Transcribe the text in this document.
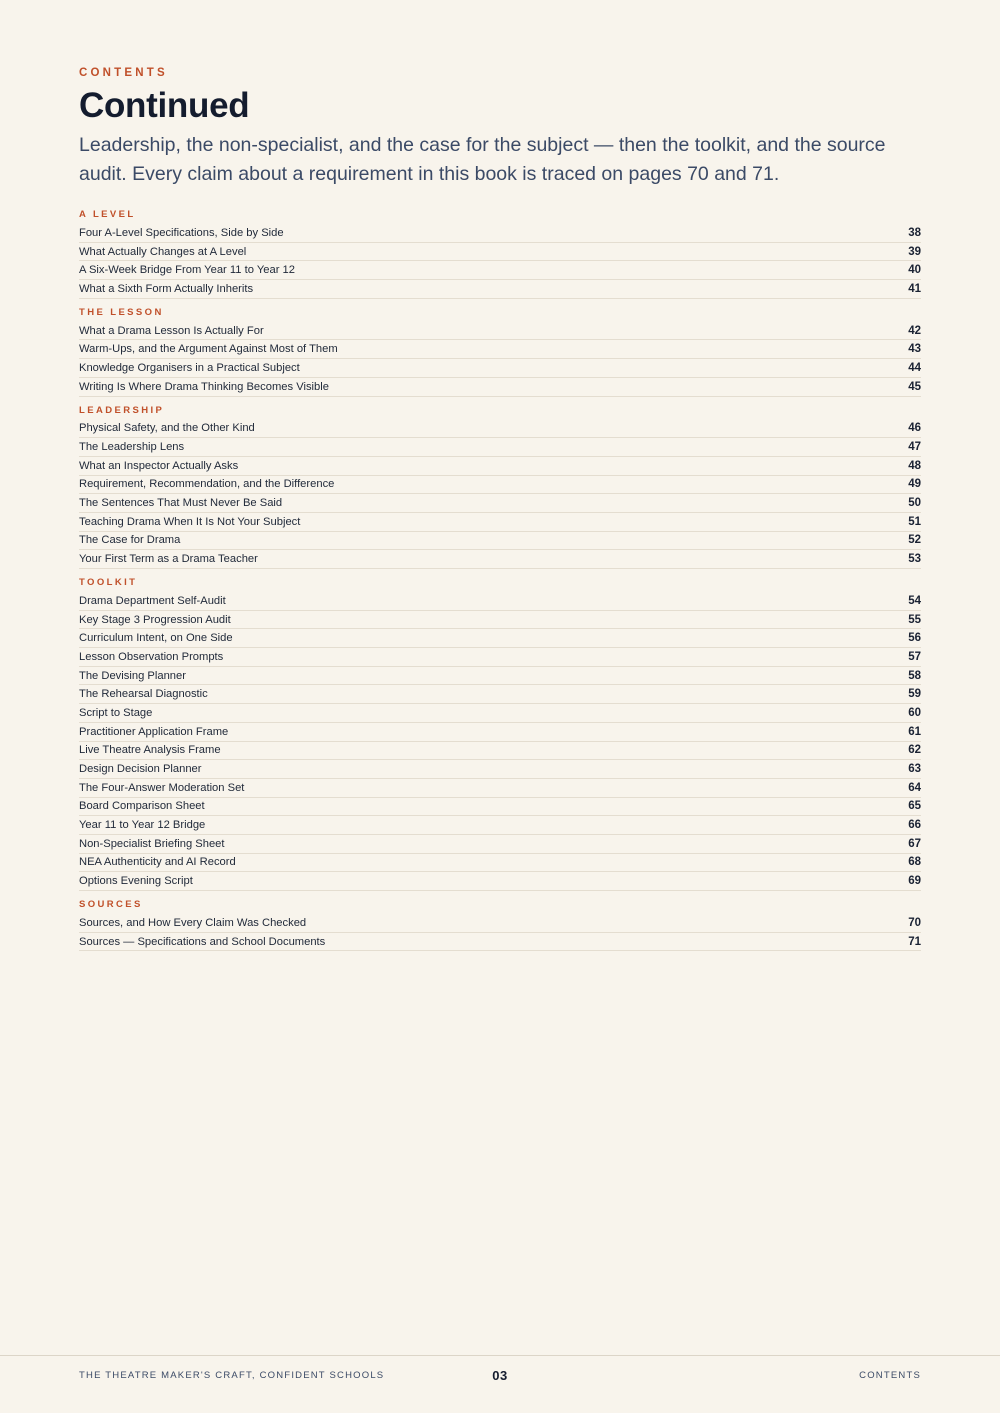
CONTENTS
Continued

Leadership, the non-specialist, and the case for the subject — then the toolkit, and the source audit. Every claim about a requirement in this book is traced on pages 70 and 71.

A LEVEL
Four A-Level Specifications, Side by Side	38
What Actually Changes at A Level	39
A Six-Week Bridge From Year 11 to Year 12	40
What a Sixth Form Actually Inherits	41
THE LESSON
What a Drama Lesson Is Actually For	42
Warm-Ups, and the Argument Against Most of Them	43
Knowledge Organisers in a Practical Subject	44
Writing Is Where Drama Thinking Becomes Visible	45
LEADERSHIP
Physical Safety, and the Other Kind	46
The Leadership Lens	47
What an Inspector Actually Asks	48
Requirement, Recommendation, and the Difference	49
The Sentences That Must Never Be Said	50
Teaching Drama When It Is Not Your Subject	51
The Case for Drama	52
Your First Term as a Drama Teacher	53
TOOLKIT
Drama Department Self-Audit	54
Key Stage 3 Progression Audit	55
Curriculum Intent, on One Side	56
Lesson Observation Prompts	57
The Devising Planner	58
The Rehearsal Diagnostic	59
Script to Stage	60
Practitioner Application Frame	61
Live Theatre Analysis Frame	62
Design Decision Planner	63
The Four-Answer Moderation Set	64
Board Comparison Sheet	65
Year 11 to Year 12 Bridge	66
Non-Specialist Briefing Sheet	67
NEA Authenticity and AI Record	68
Options Evening Script	69
SOURCES
Sources, and How Every Claim Was Checked	70
Sources — Specifications and School Documents	71
THE THEATRE MAKER'S CRAFT, CONFIDENT SCHOOLS	03	CONTENTS
